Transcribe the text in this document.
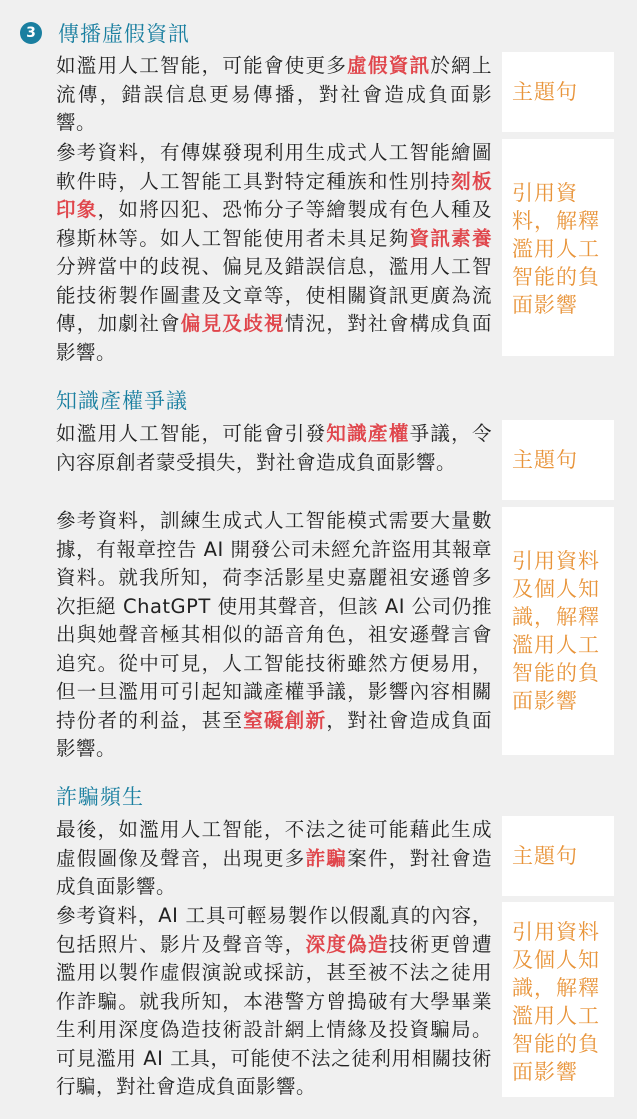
3 傳播虛假資訊
如濫用人工智能，可能會使更多虛假資訊於網上流傳，錯誤信息更易傳播，對社會造成負面影響。
主題句
參考資料，有傳媒發現利用生成式人工智能繪圖軟件時，人工智能工具對特定種族和性別持刻板印象，如將囚犯、恐怖分子等繪製成有色人種及穆斯林等。如人工智能使用者未具足夠資訊素養分辨當中的歧視、偏見及錯誤信息，濫用人工智能技術製作圖畫及文章等，使相關資訊更廣為流傳，加劇社會偏見及歧視情況，對社會構成負面影響。
引用資料，解釋濫用人工智能的負面影響
知識產權爭議
如濫用人工智能，可能會引發知識產權爭議，令內容原創者蒙受損失，對社會造成負面影響。	主題句
參考資料，訓練生成式人工智能模式需要大量數據，有報章控告 AI 開發公司未經允許盜用其報章資料。就我所知，荷李活影星史嘉麗祖安遜曾多次拒絕 ChatGPT 使用其聲音，但該 AI 公司仍推出與她聲音極其相似的語音角色，祖安遜聲言會追究。從中可見，人工智能技術雖然方便易用，但一旦濫用可引起知識產權爭議，影響內容相關持份者的利益，甚至窒礙創新，對社會造成負面影響。
引用資料及個人知識，解釋濫用人工智能的負面影響
詐騙頻生
最後，如濫用人工智能，不法之徒可能藉此生成虛假圖像及聲音，出現更多詐騙案件，對社會造成負面影響。
主題句
參考資料，AI 工具可輕易製作以假亂真的內容，包括照片、影片及聲音等，深度偽造技術更曾遭濫用以製作虛假演說或採訪，甚至被不法之徒用作詐騙。就我所知，本港警方曾搗破有大學畢業生利用深度偽造技術設計網上情緣及投資騙局。可見濫用 AI 工具，可能使不法之徒利用相關技術行騙，對社會造成負面影響。
引用資料及個人知識，解釋濫用人工智能的負面影響
